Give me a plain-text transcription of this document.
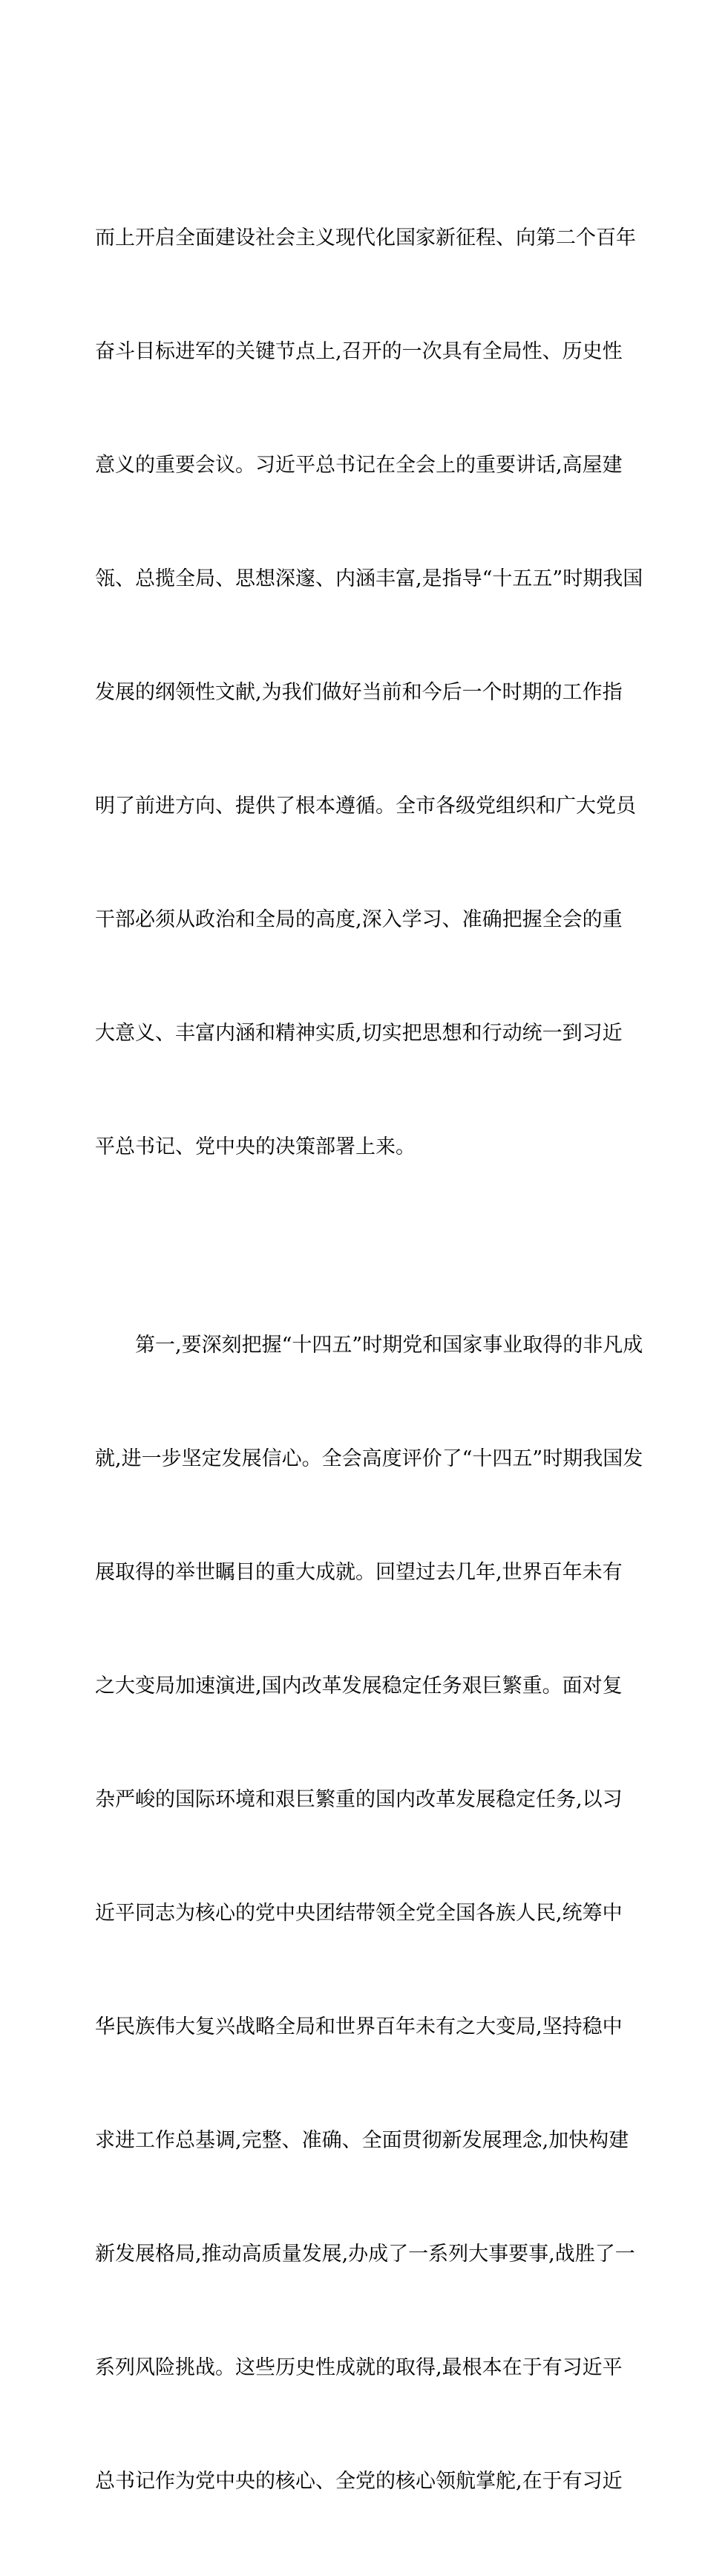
而上开启全面建设社会主义现代化国家新征程、向第二个百年

奋斗目标进军的关键节点上,召开的一次具有全局性、历史性

意义的重要会议。习近平总书记在全会上的重要讲话,高屋建

瓴、总揽全局、思想深邃、内涵丰富,是指导“十五五”时期我国

发展的纲领性文献,为我们做好当前和今后一个时期的工作指

明了前进方向、提供了根本遵循。全市各级党组织和广大党员

干部必须从政治和全局的高度,深入学习、准确把握全会的重

大意义、丰富内涵和精神实质,切实把思想和行动统一到习近

平总书记、党中央的决策部署上来。

　　第一,要深刻把握“十四五”时期党和国家事业取得的非凡成

就,进一步坚定发展信心。全会高度评价了“十四五”时期我国发

展取得的举世瞩目的重大成就。回望过去几年,世界百年未有

之大变局加速演进,国内改革发展稳定任务艰巨繁重。面对复

杂严峻的国际环境和艰巨繁重的国内改革发展稳定任务,以习

近平同志为核心的党中央团结带领全党全国各族人民,统筹中

华民族伟大复兴战略全局和世界百年未有之大变局,坚持稳中

求进工作总基调,完整、准确、全面贯彻新发展理念,加快构建

新发展格局,推动高质量发展,办成了一系列大事要事,战胜了一

系列风险挑战。这些历史性成就的取得,最根本在于有习近平

总书记作为党中央的核心、全党的核心领航掌舵,在于有习近
